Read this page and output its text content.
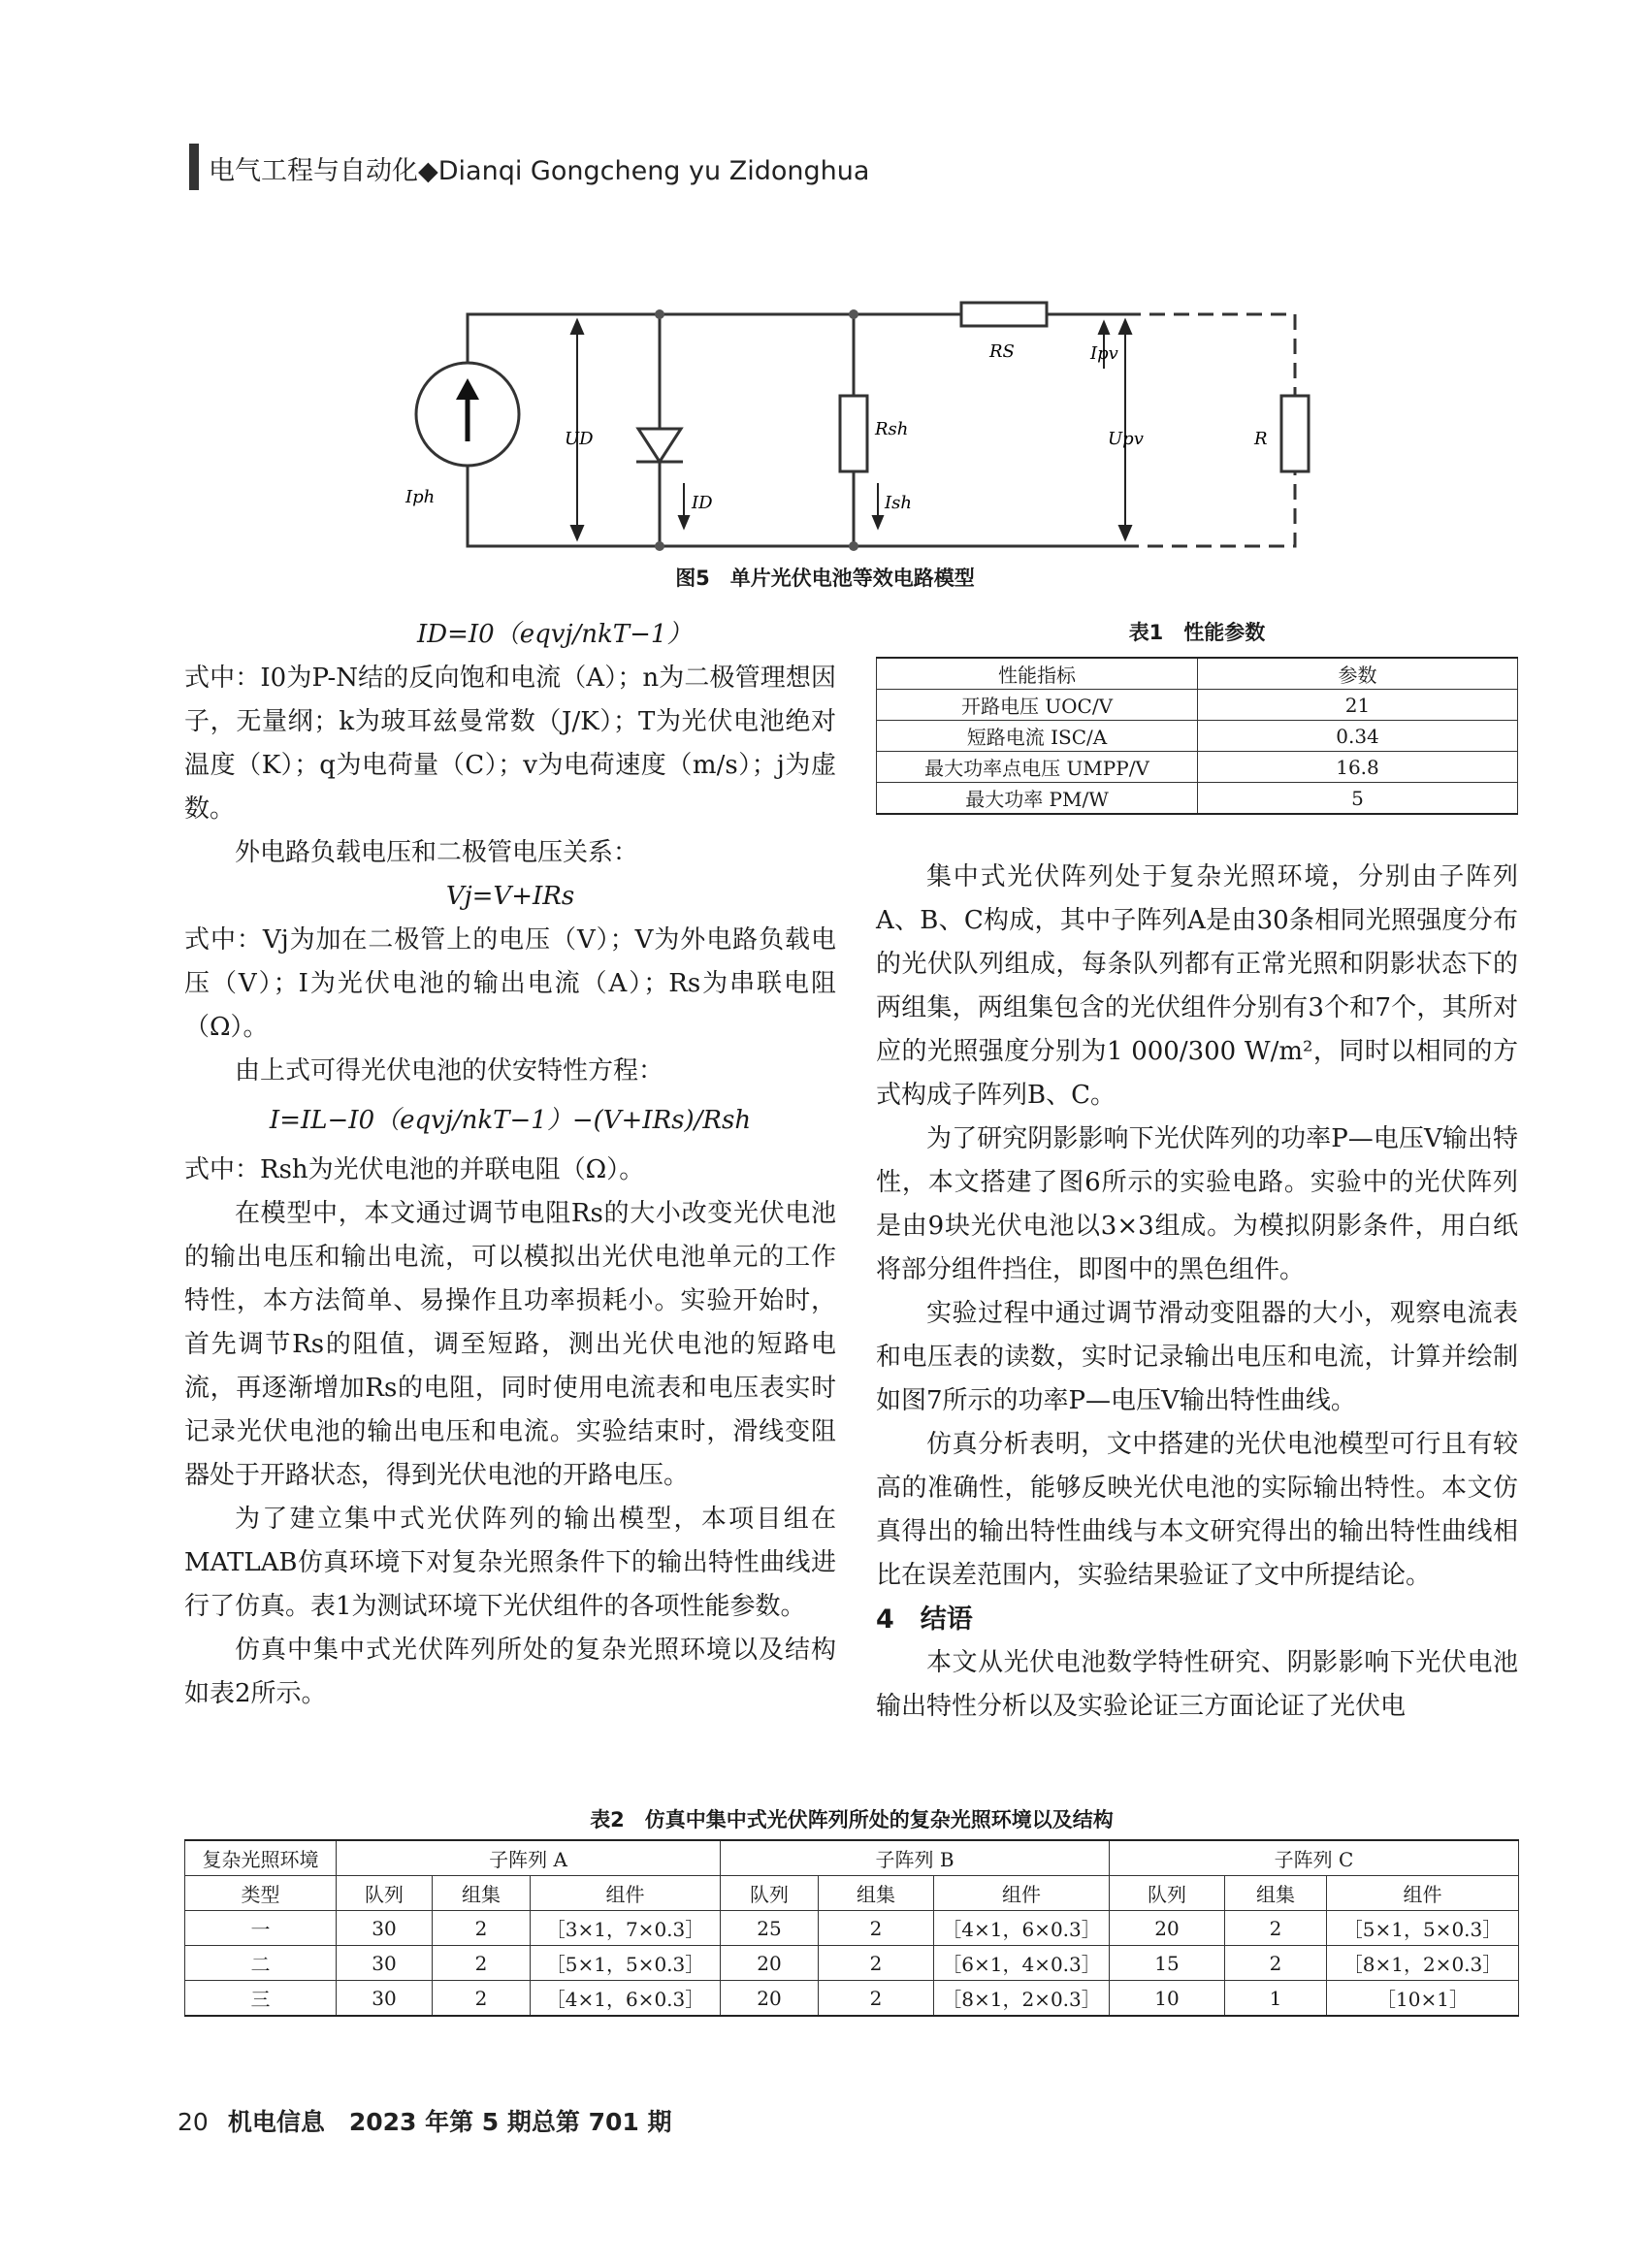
电气工程与自动化◆Dianqi Gongcheng yu Zidonghua
Iph
UD
ID
Rsh
Ish
RS	Ipv
Upv	R
图5　单片光伏电池等效电路模型

ID=I0（eqvj/nkT−1）

式中：I0为P-N结的反向饱和电流（A）；n为二极管理想因子，无量纲；k为玻耳兹曼常数（J/K）；T为光伏电池绝对温度（K）；q为电荷量（C）；v为电荷速度（m/s）；j为虚数。

外电路负载电压和二极管电压关系：

Vj=V+IRs

式中：Vj为加在二极管上的电压（V）；V为外电路负载电压（V）；I为光伏电池的输出电流（A）；Rs为串联电阻（Ω）。

由上式可得光伏电池的伏安特性方程：

I=IL−I0（eqvj/nkT−1）−(V+IRs)/Rsh

式中：Rsh为光伏电池的并联电阻（Ω）。

在模型中，本文通过调节电阻Rs的大小改变光伏电池的输出电压和输出电流，可以模拟出光伏电池单元的工作特性，本方法简单、易操作且功率损耗小。实验开始时，首先调节Rs的阻值，调至短路，测出光伏电池的短路电流，再逐渐增加Rs的电阻，同时使用电流表和电压表实时记录光伏电池的输出电压和电流。实验结束时，滑线变阻器处于开路状态，得到光伏电池的开路电压。

为了建立集中式光伏阵列的输出模型，本项目组在MATLAB仿真环境下对复杂光照条件下的输出特性曲线进行了仿真。表1为测试环境下光伏组件的各项性能参数。

仿真中集中式光伏阵列所处的复杂光照环境以及结构如表2所示。

表1　性能参数
性能指标	参数
开路电压 UOC/V	21
短路电流 ISC/A	0.34
最大功率点电压 UMPP/V	16.8
最大功率 PM/W	5

集中式光伏阵列处于复杂光照环境，分别由子阵列A、B、C构成，其中子阵列A是由30条相同光照强度分布的光伏队列组成，每条队列都有正常光照和阴影状态下的两组集，两组集包含的光伏组件分别有3个和7个，其所对应的光照强度分别为1 000/300 W/m²，同时以相同的方式构成子阵列B、C。

为了研究阴影影响下光伏阵列的功率P—电压V输出特性，本文搭建了图6所示的实验电路。实验中的光伏阵列是由9块光伏电池以3×3组成。为模拟阴影条件，用白纸将部分组件挡住，即图中的黑色组件。

实验过程中通过调节滑动变阻器的大小，观察电流表和电压表的读数，实时记录输出电压和电流，计算并绘制如图7所示的功率P—电压V输出特性曲线。

仿真分析表明，文中搭建的光伏电池模型可行且有较高的准确性，能够反映光伏电池的实际输出特性。本文仿真得出的输出特性曲线与本文研究得出的输出特性曲线相比在误差范围内，实验结果验证了文中所提结论。

4　结语

本文从光伏电池数学特性研究、阴影影响下光伏电池输出特性分析以及实验论证三方面论证了光伏电

表2　仿真中集中式光伏阵列所处的复杂光照环境以及结构
复杂光照环境	子阵列 A			子阵列 B			子阵列 C		
类型	队列	组集	组件	队列	组集	组件	队列	组集	组件
一	30	2	［3×1，7×0.3］	25	2	［4×1，6×0.3］	20	2	［5×1，5×0.3］
二	30	2	［5×1，5×0.3］	20	2	［6×1，4×0.3］	15	2	［8×1，2×0.3］
三	30	2	［4×1，6×0.3］	20	2	［8×1，2×0.3］	10	1	［10×1］
20 机电信息　2023 年第 5 期总第 701 期
